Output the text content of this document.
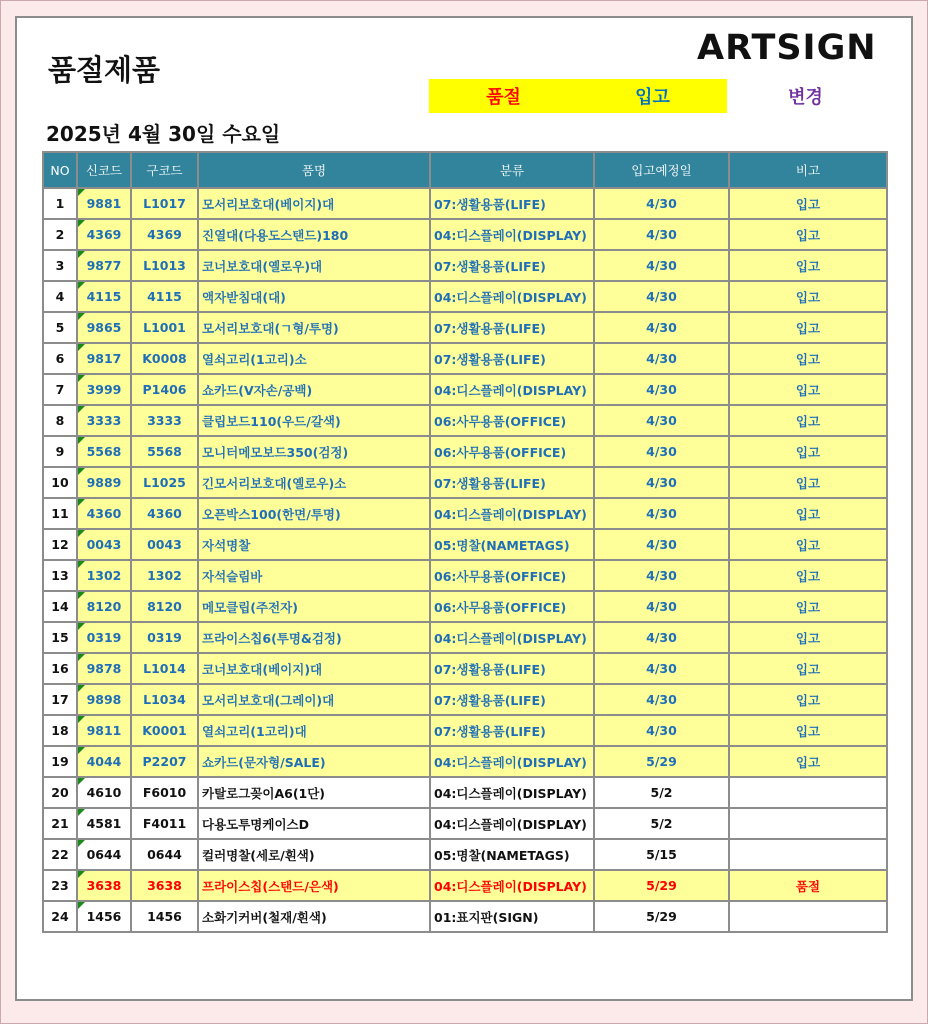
품절제품
ARTSIGN
품절	입고	변경
2025년 4월 30일 수요일
NO	신코드	구코드	품명	분류	입고예정일	비고
1	9881	L1017	모서리보호대(베이지)대	07:생활용품(LIFE)	4/30	입고
2	4369	4369	진열대(다용도스탠드)180	04:디스플레이(DISPLAY)	4/30	입고
3	9877	L1013	코너보호대(옐로우)대	07:생활용품(LIFE)	4/30	입고
4	4115	4115	액자받침대(대)	04:디스플레이(DISPLAY)	4/30	입고
5	9865	L1001	모서리보호대(ㄱ형/투명)	07:생활용품(LIFE)	4/30	입고
6	9817	K0008	열쇠고리(1고리)소	07:생활용품(LIFE)	4/30	입고
7	3999	P1406	쇼카드(V자손/공백)	04:디스플레이(DISPLAY)	4/30	입고
8	3333	3333	클립보드110(우드/갈색)	06:사무용품(OFFICE)	4/30	입고
9	5568	5568	모니터메모보드350(검정)	06:사무용품(OFFICE)	4/30	입고
10	9889	L1025	긴모서리보호대(옐로우)소	07:생활용품(LIFE)	4/30	입고
11	4360	4360	오픈박스100(한면/투명)	04:디스플레이(DISPLAY)	4/30	입고
12	0043	0043	자석명찰	05:명찰(NAMETAGS)	4/30	입고
13	1302	1302	자석슬림바	06:사무용품(OFFICE)	4/30	입고
14	8120	8120	메모클립(주전자)	06:사무용품(OFFICE)	4/30	입고
15	0319	0319	프라이스칩6(투명&검정)	04:디스플레이(DISPLAY)	4/30	입고
16	9878	L1014	코너보호대(베이지)대	07:생활용품(LIFE)	4/30	입고
17	9898	L1034	모서리보호대(그레이)대	07:생활용품(LIFE)	4/30	입고
18	9811	K0001	열쇠고리(1고리)대	07:생활용품(LIFE)	4/30	입고
19	4044	P2207	쇼카드(문자형/SALE)	04:디스플레이(DISPLAY)	5/29	입고
20	4610	F6010	카탈로그꽂이A6(1단)	04:디스플레이(DISPLAY)	5/2	
21	4581	F4011	다용도투명케이스D	04:디스플레이(DISPLAY)	5/2	
22	0644	0644	컬러명찰(세로/흰색)	05:명찰(NAMETAGS)	5/15	
23	3638	3638	프라이스칩(스탠드/은색)	04:디스플레이(DISPLAY)	5/29	품절
24	1456	1456	소화기커버(철재/흰색)	01:표지판(SIGN)	5/29	
